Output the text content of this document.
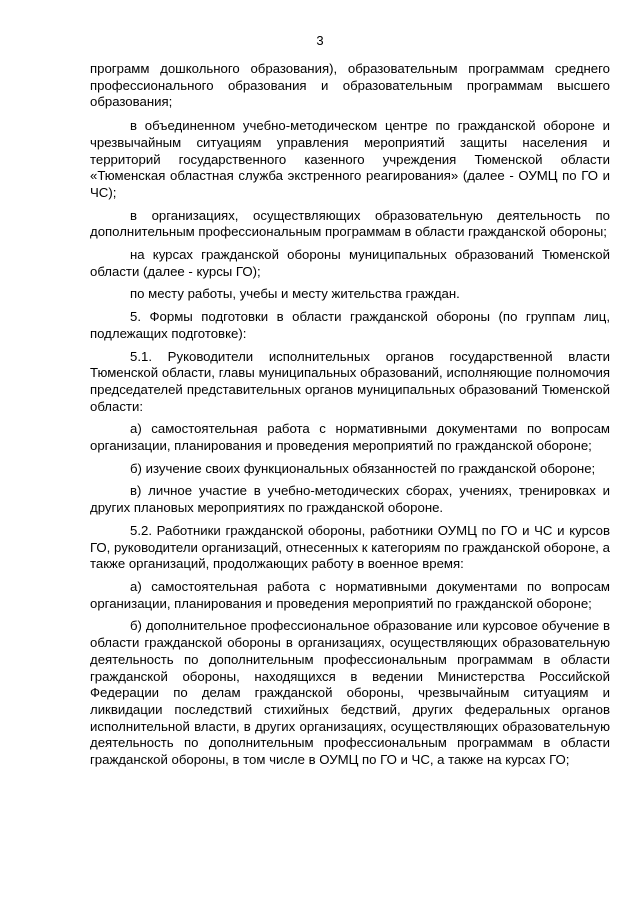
3

программ дошкольного образования), образовательным программам среднего профессионального образования и образовательным программам высшего образования;

в объединенном учебно-методическом центре по гражданской обороне и чрезвычайным ситуациям управления мероприятий защиты населения и территорий государственного казенного учреждения Тюменской области «Тюменская областная служба экстренного реагирования» (далее - ОУМЦ по ГО и ЧС);

в организациях, осуществляющих образовательную деятельность по дополнительным профессиональным программам в области гражданской обороны;

на курсах гражданской обороны муниципальных образований Тюменской области (далее - курсы ГО);

по месту работы, учебы и месту жительства граждан.

5. Формы подготовки в области гражданской обороны (по группам лиц, подлежащих подготовке):

5.1. Руководители исполнительных органов государственной власти Тюменской области, главы муниципальных образований, исполняющие полномочия председателей представительных органов муниципальных образований Тюменской области:

а) самостоятельная работа с нормативными документами по вопросам организации, планирования и проведения мероприятий по гражданской обороне;

б) изучение своих функциональных обязанностей по гражданской обороне;

в) личное участие в учебно-методических сборах, учениях, тренировках и других плановых мероприятиях по гражданской обороне.

5.2. Работники гражданской обороны, работники ОУМЦ по ГО и ЧС и курсов ГО, руководители организаций, отнесенных к категориям по гражданской обороне, а также организаций, продолжающих работу в военное время:

а) самостоятельная работа с нормативными документами по вопросам организации, планирования и проведения мероприятий по гражданской обороне;

б) дополнительное профессиональное образование или курсовое обучение в области гражданской обороны в организациях, осуществляющих образовательную деятельность по дополнительным профессиональным программам в области гражданской обороны, находящихся в ведении Министерства Российской Федерации по делам гражданской обороны, чрезвычайным ситуациям и ликвидации последствий стихийных бедствий, других федеральных органов исполнительной власти, в других организациях, осуществляющих образовательную деятельность по дополнительным профессиональным программам в области гражданской обороны, в том числе в ОУМЦ по ГО и ЧС, а также на курсах ГО;
